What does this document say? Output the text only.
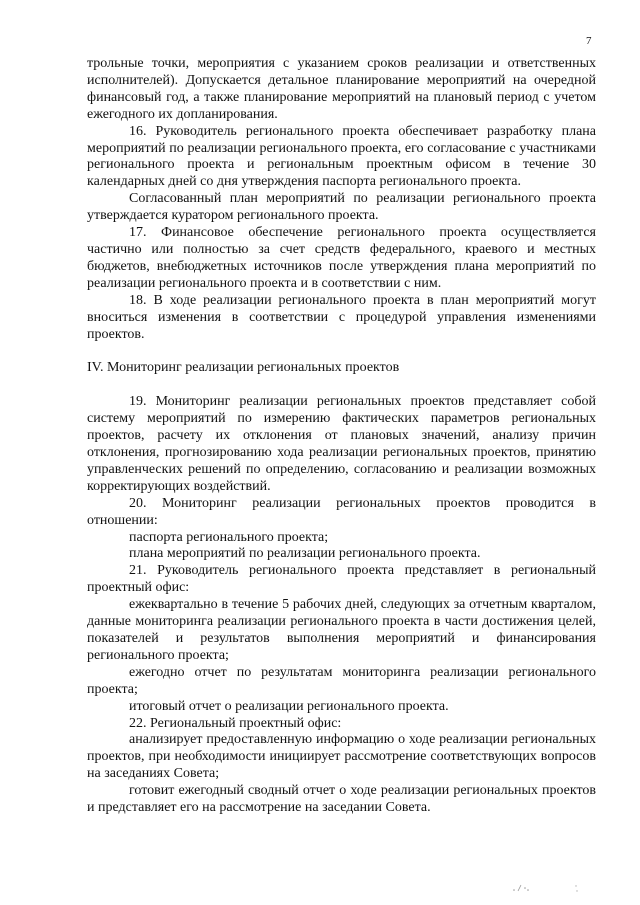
7

трольные точки, мероприятия с указанием сроков реализации и ответственных исполнителей). Допускается детальное планирование мероприятий на очередной финансовый год, а также планирование мероприятий на плановый период с учетом ежегодного их допланирования.

16. Руководитель регионального проекта обеспечивает разработку плана мероприятий по реализации регионального проекта, его согласование с участниками регионального проекта и региональным проектным офисом в течение 30 календарных дней со дня утверждения паспорта регионального проекта.

Согласованный план мероприятий по реализации регионального проекта утверждается куратором регионального проекта.

17. Финансовое обеспечение регионального проекта осуществляется частично или полностью за счет средств федерального, краевого и местных бюджетов, внебюджетных источников после утверждения плана мероприятий по реализации регионального проекта и в соответствии с ним.

18. В ходе реализации регионального проекта в план мероприятий могут вноситься изменения в соответствии с процедурой управления изменениями проектов.

IV. Мониторинг реализации региональных проектов

19. Мониторинг реализации региональных проектов представляет собой систему мероприятий по измерению фактических параметров региональных проектов, расчету их отклонения от плановых значений, анализу причин отклонения, прогнозированию хода реализации региональных проектов, принятию управленческих решений по определению, согласованию и реализации возможных корректирующих воздействий.

20. Мониторинг реализации региональных проектов проводится в отношении:

паспорта регионального проекта;

плана мероприятий по реализации регионального проекта.

21. Руководитель регионального проекта представляет в региональный проектный офис:

ежеквартально в течение 5 рабочих дней, следующих за отчетным кварталом, данные мониторинга реализации регионального проекта в части достижения целей, показателей и результатов выполнения мероприятий и финансирования регионального проекта;

ежегодно отчет по результатам мониторинга реализации регионального проекта;

итоговый отчет о реализации регионального проекта.

22. Региональный проектный офис:

анализирует предоставленную информацию о ходе реализации региональных проектов, при необходимости инициирует рассмотрение соответствующих вопросов на заседаниях Совета;

готовит ежегодный сводный отчет о ходе реализации региональных проектов и представляет его на рассмотрение на заседании Совета.
